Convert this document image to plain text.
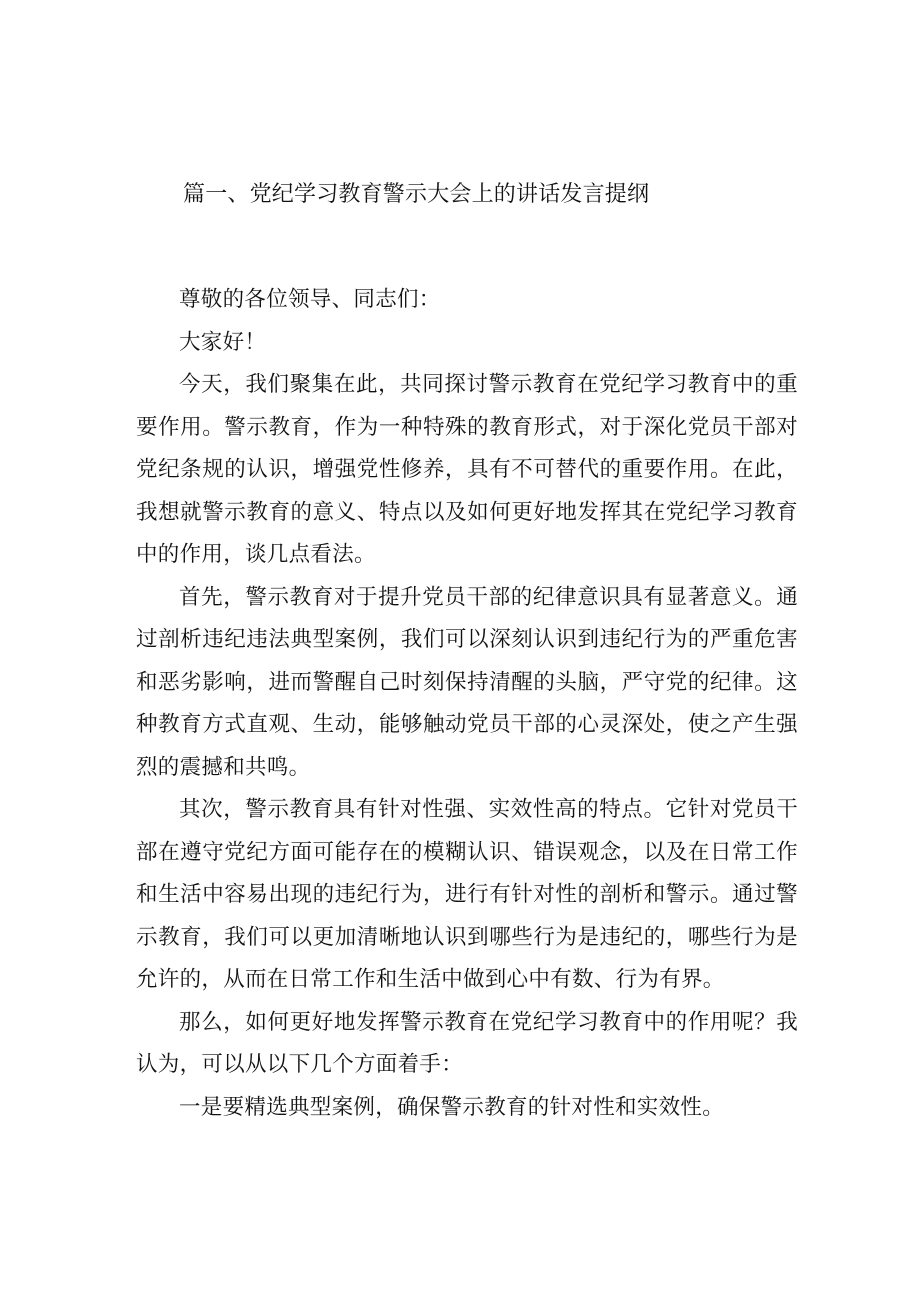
篇一、党纪学习教育警示大会上的讲话发言提纲

尊敬的各位领导、同志们：

大家好！

今天，我们聚集在此，共同探讨警示教育在党纪学习教育中的重要作用。警示教育，作为一种特殊的教育形式，对于深化党员干部对党纪条规的认识，增强党性修养，具有不可替代的重要作用。在此，我想就警示教育的意义、特点以及如何更好地发挥其在党纪学习教育中的作用，谈几点看法。

首先，警示教育对于提升党员干部的纪律意识具有显著意义。通过剖析违纪违法典型案例，我们可以深刻认识到违纪行为的严重危害和恶劣影响，进而警醒自己时刻保持清醒的头脑，严守党的纪律。这种教育方式直观、生动，能够触动党员干部的心灵深处，使之产生强烈的震撼和共鸣。

其次，警示教育具有针对性强、实效性高的特点。它针对党员干部在遵守党纪方面可能存在的模糊认识、错误观念，以及在日常工作和生活中容易出现的违纪行为，进行有针对性的剖析和警示。通过警示教育，我们可以更加清晰地认识到哪些行为是违纪的，哪些行为是允许的，从而在日常工作和生活中做到心中有数、行为有界。

那么，如何更好地发挥警示教育在党纪学习教育中的作用呢？我认为，可以从以下几个方面着手：

一是要精选典型案例，确保警示教育的针对性和实效性。
